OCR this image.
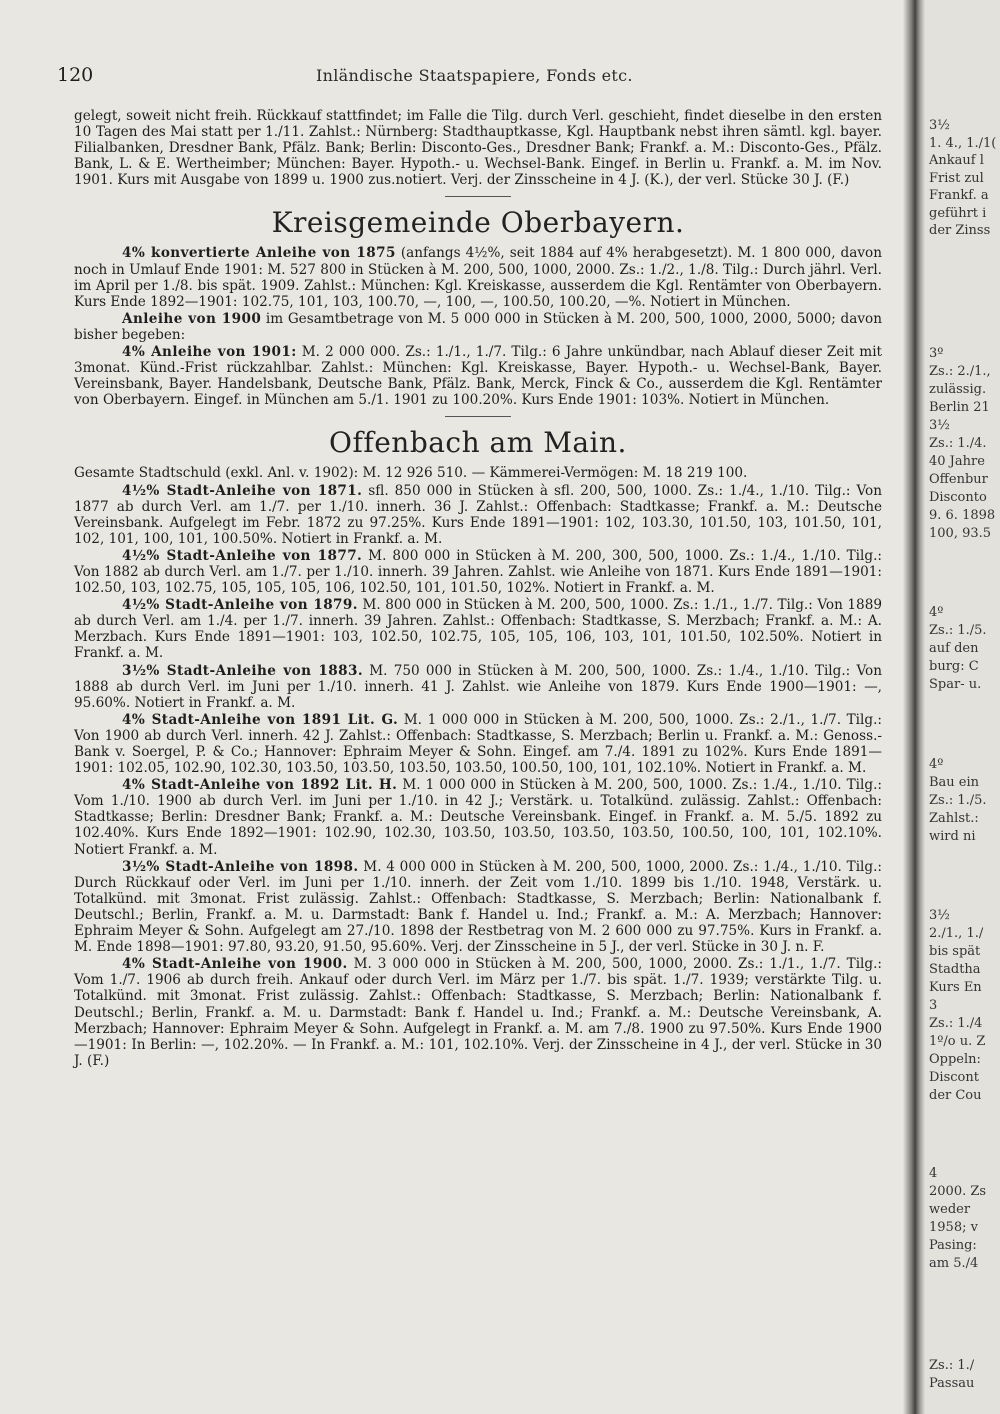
120	Inländische Staatspapiere, Fonds etc.

gelegt, soweit nicht freih. Rückkauf stattfindet; im Falle die Tilg. durch Verl. geschieht, findet dieselbe in den ersten 10 Tagen des Mai statt per 1./11. Zahlst.: Nürnberg: Stadthauptkasse, Kgl. Hauptbank nebst ihren sämtl. kgl. bayer. Filialbanken, Dresdner Bank, Pfälz. Bank; Berlin: Disconto-Ges., Dresdner Bank; Frankf. a. M.: Disconto-Ges., Pfälz. Bank, L. & E. Wertheimber; München: Bayer. Hypoth.- u. Wechsel-Bank. Eingef. in Berlin u. Frankf. a. M. im Nov. 1901. Kurs mit Ausgabe von 1899 u. 1900 zus.notiert. Verj. der Zinsscheine in 4 J. (K.), der verl. Stücke 30 J. (F.)

Kreisgemeinde Oberbayern.

4% konvertierte Anleihe von 1875 (anfangs 4½%, seit 1884 auf 4% herabgesetzt). M. 1 800 000, davon noch in Umlauf Ende 1901: M. 527 800 in Stücken à M. 200, 500, 1000, 2000. Zs.: 1./2., 1./8. Tilg.: Durch jährl. Verl. im April per 1./8. bis spät. 1909. Zahlst.: München: Kgl. Kreiskasse, ausserdem die Kgl. Rentämter von Oberbayern. Kurs Ende 1892—1901: 102.75, 101, 103, 100.70, —, 100, —, 100.50, 100.20, —%. Notiert in München.

Anleihe von 1900 im Gesamtbetrage von M. 5 000 000 in Stücken à M. 200, 500, 1000, 2000, 5000; davon bisher begeben:

4% Anleihe von 1901: M. 2 000 000. Zs.: 1./1., 1./7. Tilg.: 6 Jahre unkündbar, nach Ablauf dieser Zeit mit 3monat. Künd.-Frist rückzahlbar. Zahlst.: München: Kgl. Kreiskasse, Bayer. Hypoth.- u. Wechsel-Bank, Bayer. Vereinsbank, Bayer. Handelsbank, Deutsche Bank, Pfälz. Bank, Merck, Finck & Co., ausserdem die Kgl. Rentämter von Oberbayern. Eingef. in München am 5./1. 1901 zu 100.20%. Kurs Ende 1901: 103%. Notiert in München.

Offenbach am Main.

Gesamte Stadtschuld (exkl. Anl. v. 1902): M. 12 926 510. — Kämmerei-Vermögen: M. 18 219 100.

4½% Stadt-Anleihe von 1871. sfl. 850 000 in Stücken à sfl. 200, 500, 1000. Zs.: 1./4., 1./10. Tilg.: Von 1877 ab durch Verl. am 1./7. per 1./10. innerh. 36 J. Zahlst.: Offenbach: Stadtkasse; Frankf. a. M.: Deutsche Vereinsbank. Aufgelegt im Febr. 1872 zu 97.25%. Kurs Ende 1891—1901: 102, 103.30, 101.50, 103, 101.50, 101, 102, 101, 100, 101, 100.50%. Notiert in Frankf. a. M.

4½% Stadt-Anleihe von 1877. M. 800 000 in Stücken à M. 200, 300, 500, 1000. Zs.: 1./4., 1./10. Tilg.: Von 1882 ab durch Verl. am 1./7. per 1./10. innerh. 39 Jahren. Zahlst. wie Anleihe von 1871. Kurs Ende 1891—1901: 102.50, 103, 102.75, 105, 105, 105, 106, 102.50, 101, 101.50, 102%. Notiert in Frankf. a. M.

4½% Stadt-Anleihe von 1879. M. 800 000 in Stücken à M. 200, 500, 1000. Zs.: 1./1., 1./7. Tilg.: Von 1889 ab durch Verl. am 1./4. per 1./7. innerh. 39 Jahren. Zahlst.: Offenbach: Stadtkasse, S. Merzbach; Frankf. a. M.: A. Merzbach. Kurs Ende 1891—1901: 103, 102.50, 102.75, 105, 105, 106, 103, 101, 101.50, 102.50%. Notiert in Frankf. a. M.

3½% Stadt-Anleihe von 1883. M. 750 000 in Stücken à M. 200, 500, 1000. Zs.: 1./4., 1./10. Tilg.: Von 1888 ab durch Verl. im Juni per 1./10. innerh. 41 J. Zahlst. wie Anleihe von 1879. Kurs Ende 1900—1901: —, 95.60%. Notiert in Frankf. a. M.

4% Stadt-Anleihe von 1891 Lit. G. M. 1 000 000 in Stücken à M. 200, 500, 1000. Zs.: 2./1., 1./7. Tilg.: Von 1900 ab durch Verl. innerh. 42 J. Zahlst.: Offenbach: Stadtkasse, S. Merzbach; Berlin u. Frankf. a. M.: Genoss.-Bank v. Soergel, P. & Co.; Hannover: Ephraim Meyer & Sohn. Eingef. am 7./4. 1891 zu 102%. Kurs Ende 1891—1901: 102.05, 102.90, 102.30, 103.50, 103.50, 103.50, 103.50, 100.50, 100, 101, 102.10%. Notiert in Frankf. a. M.

4% Stadt-Anleihe von 1892 Lit. H. M. 1 000 000 in Stücken à M. 200, 500, 1000. Zs.: 1./4., 1./10. Tilg.: Vom 1./10. 1900 ab durch Verl. im Juni per 1./10. in 42 J.; Verstärk. u. Totalkünd. zulässig. Zahlst.: Offenbach: Stadtkasse; Berlin: Dresdner Bank; Frankf. a. M.: Deutsche Vereinsbank. Eingef. in Frankf. a. M. 5./5. 1892 zu 102.40%. Kurs Ende 1892—1901: 102.90, 102.30, 103.50, 103.50, 103.50, 103.50, 100.50, 100, 101, 102.10%. Notiert Frankf. a. M.

3½% Stadt-Anleihe von 1898. M. 4 000 000 in Stücken à M. 200, 500, 1000, 2000. Zs.: 1./4., 1./10. Tilg.: Durch Rückkauf oder Verl. im Juni per 1./10. innerh. der Zeit vom 1./10. 1899 bis 1./10. 1948, Verstärk. u. Totalkünd. mit 3monat. Frist zulässig. Zahlst.: Offenbach: Stadtkasse, S. Merzbach; Berlin: Nationalbank f. Deutschl.; Berlin, Frankf. a. M. u. Darmstadt: Bank f. Handel u. Ind.; Frankf. a. M.: A. Merzbach; Hannover: Ephraim Meyer & Sohn. Aufgelegt am 27./10. 1898 der Restbetrag von M. 2 600 000 zu 97.75%. Kurs in Frankf. a. M. Ende 1898—1901: 97.80, 93.20, 91.50, 95.60%. Verj. der Zinsscheine in 5 J., der verl. Stücke in 30 J. n. F.

4% Stadt-Anleihe von 1900. M. 3 000 000 in Stücken à M. 200, 500, 1000, 2000. Zs.: 1./1., 1./7. Tilg.: Vom 1./7. 1906 ab durch freih. Ankauf oder durch Verl. im März per 1./7. bis spät. 1./7. 1939; verstärkte Tilg. u. Totalkünd. mit 3monat. Frist zulässig. Zahlst.: Offenbach: Stadtkasse, S. Merzbach; Berlin: Nationalbank f. Deutschl.; Berlin, Frankf. a. M. u. Darmstadt: Bank f. Handel u. Ind.; Frankf. a. M.: Deutsche Vereinsbank, A. Merzbach; Hannover: Ephraim Meyer & Sohn. Aufgelegt in Frankf. a. M. am 7./8. 1900 zu 97.50%. Kurs Ende 1900—1901: In Berlin: —, 102.20%. — In Frankf. a. M.: 101, 102.10%. Verj. der Zinsscheine in 4 J., der verl. Stücke in 30 J. (F.)

3½
1. 4., 1./1(
Ankauf l
Frist zul
Frankf. a
geführt i
der Zinss
3º
Zs.: 2./1.,
zulässig.
Berlin 21
3½
Zs.: 1./4.
40 Jahre
Offenbur
Disconto
9. 6. 1898
100, 93.5
4º
Zs.: 1./5.
auf den
burg: C
Spar- u.
4º
Bau ein
Zs.: 1./5.
Zahlst.:
wird ni
3½
2./1., 1./
bis spät
Stadtha
Kurs En
3
Zs.: 1./4
1º/o u. Z
Oppeln:
Discont
der Cou
4
2000. Zs
weder
1958; v
Pasing:
am 5./4
Zs.: 1./
Passau
